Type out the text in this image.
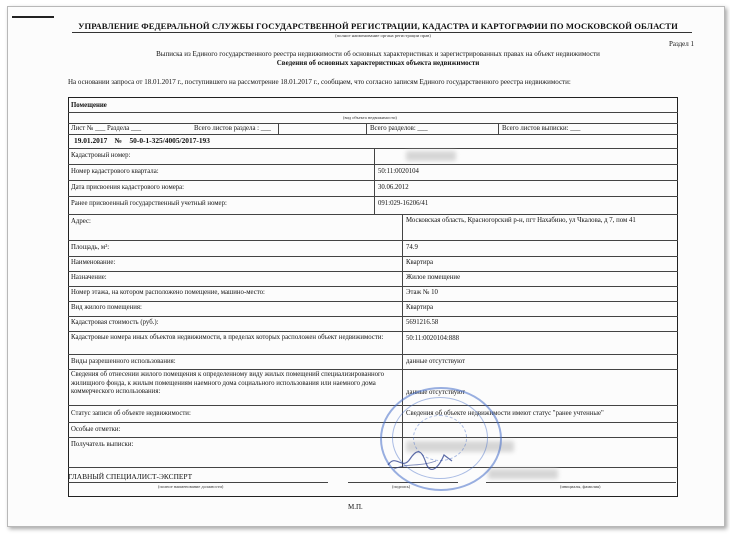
УПРАВЛЕНИЕ ФЕДЕРАЛЬНОЙ СЛУЖБЫ ГОСУДАРСТВЕННОЙ РЕГИСТРАЦИИ, КАДАСТРА И КАРТОГРАФИИ ПО МОСКОВСКОЙ ОБЛАСТИ
(полное наименование органа регистрации прав)
Раздел 1
Выписка из Единого государственного реестра недвижимости об основных характеристиках и зарегистрированных правах на объект недвижимости
Сведения об основных характеристиках объекта недвижимости
На основании запроса от 18.01.2017 г., поступившего на рассмотрение 18.01.2017 г., сообщаем, что согласно записям Единого государственного реестра недвижимости:
Помещение
(вид объекта недвижимости)
Лист № ___ Раздела ___	Всего листов раздела : ___	Всего разделов: ___	Всего листов выписки: ___
19.01.2017    №    50-0-1-325/4005/2017-193
Кадастровый номер:
Номер кадастрового квартала:	50:11:0020104
Дата присвоения кадастрового номера:	30.06.2012
Ранее присвоенный государственный учетный номер:	091:029-16206/41
Адрес:	Московская область, Красногорский р-н, пгт Нахабино, ул Чкалова, д 7, пом 41
Площадь, м²:	74.9
Наименование:	Квартира
Назначение:	Жилое помещение
Номер этажа, на котором расположено помещение, машино-место:	Этаж № 10
Вид жилого помещения:	Квартира
Кадастровая стоимость (руб.):	5691216.58
Кадастровые номера иных объектов недвижимости, в пределах которых расположен объект недвижимости:	50:11:0020104:888
Виды разрешенного использования:	данные отсутствуют
Сведения об отнесении жилого помещения к определенному виду жилых помещений специализированного жилищного фонда, к жилым помещениям наемного дома социального использования или наемного дома коммерческого использования:	данные отсутствуют
Статус записи об объекте недвижимости:	Сведения об объекте недвижимости имеют статус "ранее учтенные"
Особые отметки:
Получатель выписки:
ГЛАВНЫЙ СПЕЦИАЛИСТ-ЭКСПЕРТ
(полное наименование должности)	(подпись)	(инициалы, фамилия)
М.П.
